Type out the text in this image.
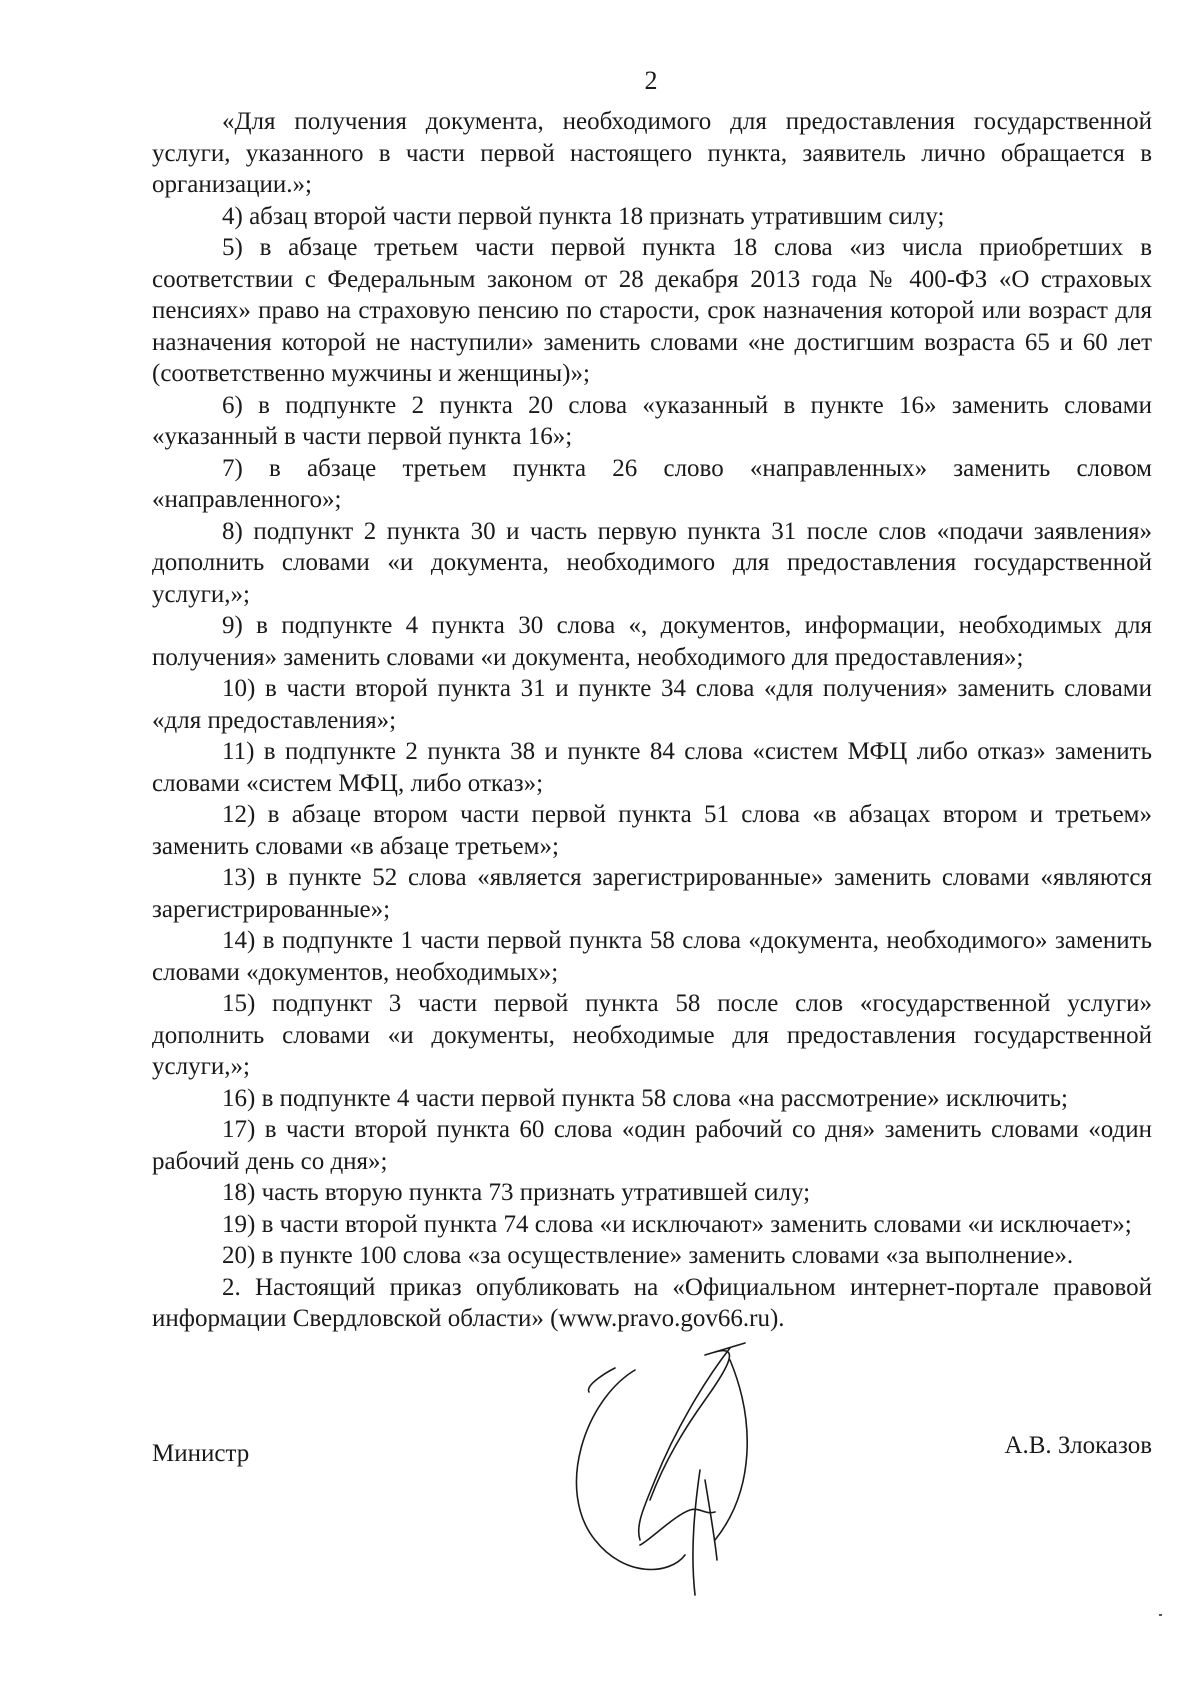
2

«Для получения документа, необходимого для предоставления государственной услуги, указанного в части первой настоящего пункта, заявитель лично обращается в организации.»;

4) абзац второй части первой пункта 18 признать утратившим силу;

5) в абзаце третьем части первой пункта 18 слова «из числа приобретших в соответствии с Федеральным законом от 28 декабря 2013 года № 400-ФЗ «О страховых пенсиях» право на страховую пенсию по старости, срок назначения которой или возраст для назначения которой не наступили» заменить словами «не достигшим возраста 65 и 60 лет (соответственно мужчины и женщины)»;

6) в подпункте 2 пункта 20 слова «указанный в пункте 16» заменить словами «указанный в части первой пункта 16»;

7) в абзаце третьем пункта 26 слово «направленных» заменить словом «направленного»;

8) подпункт 2 пункта 30 и часть первую пункта 31 после слов «подачи заявления» дополнить словами «и документа, необходимого для предоставления государственной услуги,»;

9) в подпункте 4 пункта 30 слова «, документов, информации, необходимых для получения» заменить словами «и документа, необходимого для предоставления»;

10) в части второй пункта 31 и пункте 34 слова «для получения» заменить словами «для предоставления»;

11) в подпункте 2 пункта 38 и пункте 84 слова «систем МФЦ либо отказ» заменить словами «систем МФЦ, либо отказ»;

12) в абзаце втором части первой пункта 51 слова «в абзацах втором и третьем» заменить словами «в абзаце третьем»;

13) в пункте 52 слова «является зарегистрированные» заменить словами «являются зарегистрированные»;

14) в подпункте 1 части первой пункта 58 слова «документа, необходимого» заменить словами «документов, необходимых»;

15) подпункт 3 части первой пункта 58 после слов «государственной услуги» дополнить словами «и документы, необходимые для предоставления государственной услуги,»;

16) в подпункте 4 части первой пункта 58 слова «на рассмотрение» исключить;

17) в части второй пункта 60 слова «один рабочий со дня» заменить словами «один рабочий день со дня»;

18) часть вторую пункта 73 признать утратившей силу;

19) в части второй пункта 74 слова «и исключают» заменить словами «и исключает»;

20) в пункте 100 слова «за осуществление» заменить словами «за выполнение».

2. Настоящий приказ опубликовать на «Официальном интернет-портале правовой информации Свердловской области» (www.pravo.gov66.ru).

Министр	А.В. Злоказов
